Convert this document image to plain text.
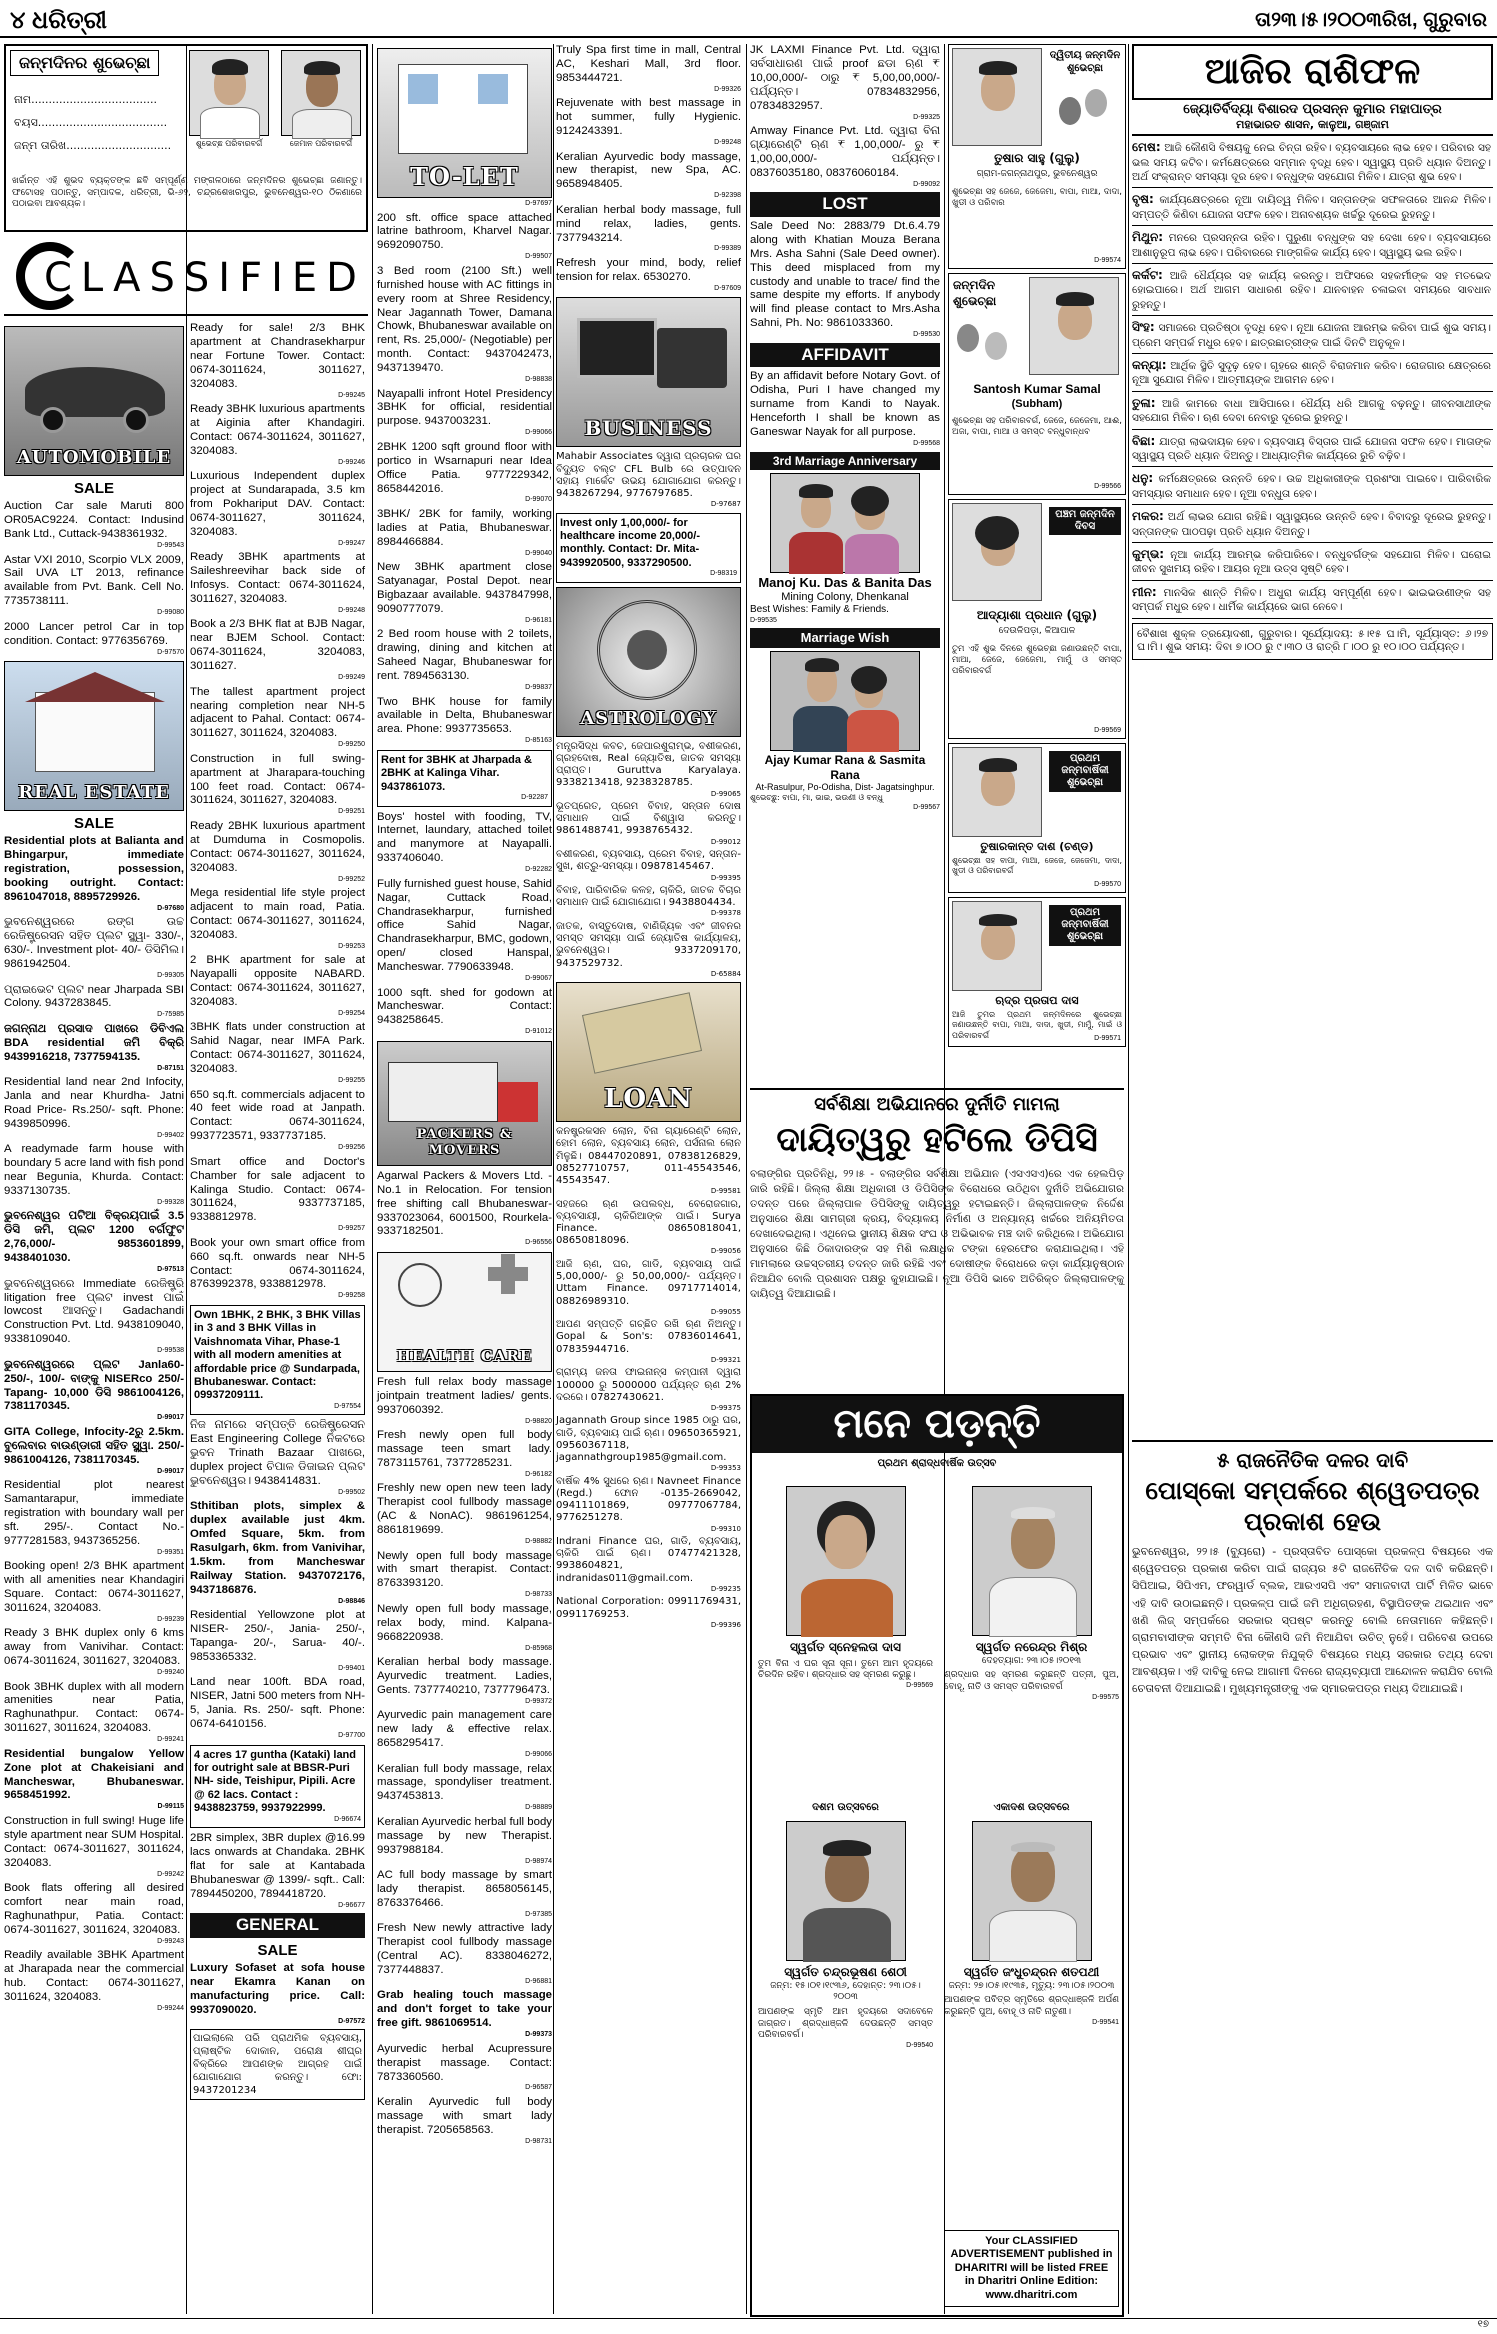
୪ ଧରିତ୍ରୀ	ତା୨୩।୫।୨୦୦୩ରିଖ, ଗୁରୁବାର
ଜନ୍ମଦିନର ଶୁଭେଚ୍ଛା
ନାମ....................................
ବୟସ.....................................
ଜନ୍ମ ତାରିଖ..............................	ଶୁଭେଚ୍ଛ ପରିବାରବର୍ଗ	ଜେମାନ ପରିବାରବର୍ଗ
ଖର୍ଚ୍ଚାନ୍ତ ଏହି ଶୁଭଦ ବ୍ୟକ୍ତଙ୍କ ଛବି ସମ୍ପୂର୍ଣ୍ଣ ମଙ୍ଗଳଠାରେ ଜନ୍ମଦିନର ଶୁଭେଚ୍ଛା ଜଣାନ୍ତୁ। ଫଟୋସହ ପଠାନ୍ତୁ, ସମ୍ପାଦକ, ଧରିତ୍ରୀ, ଭି-୬୨, ଚନ୍ଦ୍ରଶେଖରପୁର, ଭୁବନେଶ୍ୱର-୧୦ ଠିକଣାରେ ପଠାଇବା ଆବଶ୍ୟକ।
CLASSIFIED
AUTOMOBILE
SALE
Auction Car sale Maruti 800 OR05AC9224. Contact: Indusind Bank Ltd., Cuttack-9438361932.
D-99543
Astar VXI 2010, Scorpio VLX 2009, Sail UVA LT 2013, refinance available from Pvt. Bank. Cell No. 7735738111.
D-99080
2000 Lancer petrol Car in top condition. Contact: 9776356769.
D-97570
REAL ESTATE
SALE
Residential plots at Balianta and Bhingarpur, immediate registration, possession, booking outright. Contact: 8961047018, 8895729926.
D-97680
ଭୁବନେଶ୍ୱରରେ ରଙ୍ଗ ଉଚ୍ଚ ରେଜିଷ୍ଟ୍ରେସନ ସହିତ ପ୍ଲଟ ସ୍କ୍ୱା- 330/-, 630/-. Investment plot- 40/- ଡିସିମିଲ। 9861942504.
D-99305
ପ୍ରାଇଭେଟ ପ୍ଲଟ near Jharpada SBI Colony. 9437283845.
D-75985
ଜଗନ୍ନାଥ ପ୍ରସାଦ ପାଖରେ ଡିବିଏଲ BDA residential ଜମି ବିକ୍ରି 9439916218, 7377594135.
D-87151
Residential land near 2nd Infocity, Janla and near Khurdha- Jatni Road Price- Rs.250/- sqft. Phone: 9439850996.
D-99402
A readymade farm house with boundary 5 acre land with fish pond near Begunia, Khurda. Contact: 9337130735.
D-99328
ଭୁବନେଶ୍ୱର ପଟିଆ ବିକ୍ରୟପାଇଁ 3.5 ଡିସି ଜମି, ପ୍ଲଟ 1200 ବର୍ଗଫୁଟ 2,76,000/- 9853601899, 9438401030.
D-97513
ଭୁବନେଶ୍ୱରରେ Immediate ରେଜିଷ୍ଟ୍ରି litigation free ପ୍ଲଟ invest ପାଇଁ lowcost ଆସନ୍ତୁ। Gadachandi Construction Pvt. Ltd. 9438109040, 9338109040.
D-99538
ଭୁବନେଶ୍ୱରରେ ପ୍ଲଟ Janla60- 250/-, 100/- ବାଙ୍କୁ NISERco 250/- Tapang- 10,000 ଡିସି 9861004126, 7381170345.
D-99017
GITA College, Infocity-2ରୁ 2.5km. ବୁଲେବାର ବାଉଣ୍ଡାରୀ ସହିତ ସ୍କ୍ୱା. 250/- 9861004126, 7381170345.
D-99017
Residential plot nearest Samantarapur, immediate registration with boundary wall per sft. 295/-. Contact No.- 9777281583, 9437365256.
D-99351
Booking open! 2/3 BHK apartment with all amenities near Khandagiri Square. Contact: 0674-3011627, 3011624, 3204083.
D-99239
Ready 3 BHK duplex only 6 kms away from Vanivihar. Contact: 0674-3011624, 3011627, 3204083.
D-99240
Book 3BHK duplex with all modern amenities near Patia, Raghunathpur. Contact: 0674-3011627, 3011624, 3204083.
D-99241
Residential bungalow Yellow Zone plot at Chakeisiani and Mancheswar, Bhubaneswar. 9658451992.
D-99115
Construction in full swing! Huge life style apartment near SUM Hospital. Contact: 0674-3011627, 3011624, 3204083.
D-99242
Book flats offering all desired comfort near main road, Raghunathpur, Patia. Contact: 0674-3011627, 3011624, 3204083.
D-99243
Readily available 3BHK Apartment at Jharapada near the commercial hub. Contact: 0674-3011627, 3011624, 3204083.
D-99244
Ready for sale! 2/3 BHK apartment at Chandrasekharpur near Fortune Tower. Contact: 0674-3011624, 3011627, 3204083.
D-99245
Ready 3BHK luxurious apartments at Aiginia after Khandagiri. Contact: 0674-3011624, 3011627, 3204083.
D-99246
Luxurious Independent duplex project at Sundarapada, 3.5 km from Pokhariput DAV. Contact: 0674-3011627, 3011624, 3204083.
D-99247
Ready 3BHK apartments at Saileshreevihar back side of Infosys. Contact: 0674-3011624, 3011627, 3204083.
D-99248
Book a 2/3 BHK flat at BJB Nagar, near BJEM School. Contact: 0674-3011624, 3204083, 3011627.
D-99249
The tallest apartment project nearing completion near NH-5 adjacent to Pahal. Contact: 0674-3011627, 3011624, 3204083.
D-99250
Construction in full swing-apartment at Jharapara-touching 100 feet road. Contact: 0674-3011624, 3011627, 3204083.
D-99251
Ready 2BHK luxurious apartment at Dumduma in Cosmopolis. Contact: 0674-3011627, 3011624, 3204083.
D-99252
Mega residential life style project adjacent to main road, Patia. Contact: 0674-3011627, 3011624, 3204083.
D-99253
2 BHK apartment for sale at Nayapalli opposite NABARD. Contact: 0674-3011624, 3011627, 3204083.
D-99254
3BHK flats under construction at Sahid Nagar, near IMFA Park. Contact: 0674-3011627, 3011624, 3204083.
D-99255
650 sq.ft. commercials adjacent to 40 feet wide road at Janpath. Contact: 0674-3011624, 9937723571, 9337737185.
D-99256
Smart office and Doctor's Chamber for sale adjacent to Kalinga Studio. Contact: 0674-3011624, 9337737185, 9338812978.
D-99257
Book your own smart office from 660 sq.ft. onwards near NH-5 Contact: 0674-3011624, 8763992378, 9338812978.
D-99258
Own 1BHK, 2 BHK, 3 BHK Villas in 3 and 3 BHK Villas in Vaishnomata Vihar, Phase-1 with all modern amenities at affordable price @ Sundarpada, Bhubaneswar. Contact: 09937209111.
D-97554
ନିଜ ନାମରେ ସମ୍ପତ୍ତି ରେଜିଷ୍ଟ୍ରେସନ East Engineering College ନିକଟରେ ଭୁବନ Trinath Bazaar ପାଖରେ, duplex project ଚିପାଳ ଡିଜାଇନ ପ୍ଲଟ ଭୁବନେଶ୍ୱର। 9438414831.
D-99502
Sthitiban plots, simplex & duplex available just 4km. Omfed Square, 5km. from Rasulgarh, 6km. from Vanivihar, 1.5km. from Mancheswar Railway Station. 9437072176, 9437186876.
D-98846
Residential Yellowzone plot at NISER- 250/-, Jania- 250/-, Tapanga- 20/-, Sarua- 40/-. 9853365332.
D-99401
Land near 100ft. BDA road, NISER, Jatni 500 meters from NH-5, Jania. Rs. 250/- sqft. Phone: 0674-6410156.
D-97700
4 acres 17 guntha (Kataki) land for outright sale at BBSR-Puri NH- side, Teishipur, Pipili. Acre @ 62 lacs. Contact : 9438823759, 9937922999.
D-96674
2BR simplex, 3BR duplex @16.99 lacs onwards at Chandaka. 2BHK flat for sale at Kantabada Bhubaneswar @ 1399/- sqft.. Call: 7894450200, 7894418720.
D-96677
GENERAL
SALE
Luxury Sofaset at sofa house near Ekamra Kanan on manufacturing price. Call: 9937090020.
D-97572
ପାଇଲାଲେ ପରି ପ୍ରାଥମିକ ବ୍ୟବସାୟ, ପ୍ଲାଷ୍ଟିକ ଦୋକାନ, ପରୋକ୍ଷ ଶୀଘ୍ର ବିକ୍ରିରେ ଆପଣଙ୍କ ଆଗ୍ରହ ପାଇଁ ଯୋଗାଯୋଗ କରନ୍ତୁ। ଫୋ: 9437201234
TO-LET
D-97697
200 sft. office space attached latrine bathroom, Kharvel Nagar. 9692090750.
D-99507
3 Bed room (2100 Sft.) well furnished house with AC fittings in every room at Shree Residency, Near Jagannath Tower, Damana Chowk, Bhubaneswar available on rent, Rs. 25,000/- (Negotiable) per month. Contact: 9437042473, 9437139470.
D-98838
Nayapalli infront Hotel Presidency 3BHK for official, residential purpose. 9437003231.
D-99066
2BHK 1200 sqft ground floor with portico in Wsarnapuri near Idea Office Patia. 9777229342, 8658442016.
D-99070
3BHK/ 2BK for family, working ladies at Patia, Bhubaneswar. 8984466884.
D-99040
New 3BHK apartment close Satyanagar, Postal Depot. near Bigbazaar available. 9437847998, 9090777079.
D-96181
2 Bed room house with 2 toilets, drawing, dining and kitchen at Saheed Nagar, Bhubaneswar for rent. 7894563130.
D-99837
Two BHK house for family available in Delta, Bhubaneswar area. Phone: 9937735653.
D-85163
Rent for 3BHK at Jharpada & 2BHK at Kalinga Vihar. 9437861073.
D-92287
Boys' hostel with fooding, TV, Internet, laundary, attached toilet and manymore at Nayapalli. 9337406040.
D-92282
Fully furnished guest house, Sahid Nagar, Cuttack Road, Chandrasekharpur, furnished office Sahid Nagar, Chandrasekharpur, BMC, godown, open/ closed Hanspal, Mancheswar. 7790633948.
D-99067
1000 sqft. shed for godown at Mancheswar. Contact: 9438258645.
D-91012
PACKERS & MOVERS
Agarwal Packers & Movers Ltd. - No.1 in Relocation. For tension free shifting call Bhubaneswar- 9337023064, 6001500, Rourkela- 9337182501.
D-96556
HEALTH CARE
Fresh full relax body massage jointpain treatment ladies/ gents. 9937060392.
D-98820
Fresh newly open full body massage teen smart lady. 7873115761, 7377285231.
D-96182
Freshly new open new teen lady Therapist cool fullbody massage (AC & NonAC). 9861961254, 8861819699.
D-98882
Newly open full body massage with smart therapist. Contact: 8763393120.
D-98733
Newly open full body massage, relax body, mind. Kalpana- 9668220938.
D-85968
Keralian herbal body massage. Ayurvedic treatment. Ladies, Gents. 7377740210, 7377796473.
D-99372
Ayurvedic pain management care new lady & effective relax. 8658295417.
D-99066
Keralian full body massage, relax massage, spondyliser treatment. 9437453813.
D-98889
Keralian Ayurvedic herbal full body massage by new Therapist. 9937988184.
D-98974
AC full body massage by smart lady therapist. 8658056145, 8763376466.
D-97385
Fresh New newly attractive lady Therapist cool fullbody massage (Central AC). 8338046272, 7377448837.
D-96881
Grab healing touch massage and don't forget to take your free gift. 9861069514.
D-99373
Ayurvedic herbal Acupressure therapist massage. Contact: 7873360560.
D-96587
Keralin Ayurvedic full body massage with smart lady therapist. 7205658563.
D-98731
Truly Spa first time in mall, Central AC, Keshari Mall, 3rd floor. 9853444721.
D-99326
Rejuvenate with best massage in hot summer, fully Hygienic. 9124243391.
D-99248
Keralian Ayurvedic body massage, new therapist, new Spa, AC. 9658948405.
D-92398
Keralian herbal body massage, full mind relax, ladies, gents. 7377943214.
D-99389
Refresh your mind, body, relief tension for relax. 6530270.
D-97609
BUSINESS
Mahabir Associates ଦ୍ୱାରା ପ୍ରଚାରକ ଘର ବିଦ୍ୟୁତ ବଲ୍ଟ CFL Bulb ରେ ଉତ୍ପାଦନ ସହାୟ ମାର୍କେଟ ଉଭୟ ଯୋଗାଯୋଗ କରନ୍ତୁ। 9438267294, 9776797685.
D-97687
Invest only 1,00,000/- for healthcare income 20,000/- monthly. Contact: Dr. Mita- 9439920500, 9337290500.
D-98319
ASTROLOGY
ମନ୍ତ୍ରସିଦ୍ଧ କବଚ, ଜେପାରଶୁରାମ୍ଭ, ବଶୀକରଣ, ଗ୍ରହଦୋଷ, Real ଜ୍ୟୋତିଷ, ଜାତକ ସମସ୍ୟା ପ୍ରାପ୍ତ। Guruttva Karyalaya. 9338213418, 9238328785.
D-99065
ଭୂତପ୍ରେତ, ପ୍ରେମ ବିବାହ, ସନ୍ତାନ ଦୋଷ ସମାଧାନ ପାଇଁ ବିଶ୍ୱାସ କରନ୍ତୁ। 9861488741, 9938765432.
D-99012
ବଶୀକରଣ, ବ୍ୟବସାୟ, ପ୍ରେମ ବିବାହ, ସନ୍ତାନ-ସୁଖ, ଶତ୍ରୁ-ସମସ୍ୟା। 09878145467.
D-99395
ବିବାହ, ପାରିବାରିକ କଳହ, ଚାକିରି, ଜାତକ ବିଚାର ସମାଧାନ ପାଇଁ ଯୋଗାଯୋଗ। 9438804434.
D-99378
ଜାତକ, ବାସ୍ତୁଦୋଷ, ବାଣିଜ୍ୟିକ ଏବଂ ଜୀବନର ସମସ୍ତ ସମସ୍ୟା ପାଇଁ ଜ୍ୟୋତିଷ କାର୍ଯ୍ୟାଳୟ, ଭୁବନେଶ୍ୱର। 9337209170, 9437529732.
D-65884
LOAN
କନଷ୍ଟ୍ରକସନ ଲୋନ, ବିନା ଗ୍ୟାରେଣ୍ଟି ଲୋନ, ହୋମ ଲୋନ, ବ୍ୟବସାୟ ଲୋନ, ପର୍ସନାଲ ଲୋନ ମିଳୁଛି। 08447020891, 07838126829, 08527710757, 011-45543546, 45543547.
D-99581
ସହଜରେ ଋଣ ଉପଲବ୍ଧ, ବେରୋଜଗାର, ବ୍ୟବସାୟୀ, ଚାକିରିଆଙ୍କ ପାଇଁ। Surya Finance. 08650818041, 08650818096.
D-99056
ଆଜି ଋଣ, ଘର, ଗାଡି, ବ୍ୟବସାୟ ପାଇଁ 5,00,000/- ରୁ 50,00,000/- ପର୍ଯ୍ୟନ୍ତ। Uttam Finance. 09717714014, 08826989310.
D-99055
ଆପଣ ସମ୍ପତ୍ତି ଗଚ୍ଛିତ ରଖି ଋଣ ନିଅନ୍ତୁ। Gopal & Son's: 07836014641, 07835944716.
D-99321
ଗ୍ରାମ୍ୟ ଜନତା ଫାଇନାନ୍ସ କମ୍ପାନୀ ଦ୍ୱାରା 100000 ରୁ 5000000 ପର୍ଯ୍ୟନ୍ତ ଋଣ 2% ଦରରେ। 07827430621.
D-99375
Jagannath Group since 1985 ଠାରୁ ଘର, ଗାଡି, ବ୍ୟବସାୟ ପାଇଁ ଋଣ। 09650365921, 09560367118, jagannathgroup1985@gmail.com.
D-99353
ବାର୍ଷିକ 4% ସୁଧରେ ଋଣ। Navneet Finance (Regd.) ଫୋନ -0135-2669042, 09411101869, 09777067784, 9776251278.
D-99310
Indrani Finance ଘର, ଗାଡି, ବ୍ୟବସାୟ, ଚାକିରି ପାଇଁ ଋଣ। 07477421328, 9938604821, indranidas011@gmail.com.
D-99235
National Corporation: 09911769431, 09911769253.
D-99396
JK LAXMI Finance Pvt. Ltd. ଦ୍ୱାରା ସର୍ବସାଧାରଣ ପାଇଁ proof ଛଡା ଋଣ ₹ 10,00,000/- ଠାରୁ ₹ 5,00,00,000/- ପର୍ଯ୍ୟନ୍ତ। 07834832956, 07834832957.
D-99325
Amway Finance Pvt. Ltd. ଦ୍ୱାରା ବିନା ଗ୍ୟାରେଣ୍ଟି ଋଣ ₹ 1,00,000/- ରୁ ₹ 1,00,00,000/- ପର୍ଯ୍ୟନ୍ତ। 08376035180, 08376060184.
D-99092
LOST
Sale Deed No: 2883/79 Dt.6.4.79 along with Khatian Mouza Berana Mrs. Asha Sahni (Sale Deed owner). This deed misplaced from my custody and unable to trace/ find the same despite my efforts. If anybody will find please contact to Mrs.Asha Sahni, Ph. No: 9861033360.
D-99530
AFFIDAVIT
By an affidavit before Notary Govt. of Odisha, Puri I have changed my surname from Kandi to Nayak. Henceforth I shall be known as Ganeswar Nayak for all purpose.
D-99568
3rd Marriage Anniversary
Manoj Ku. Das & Banita Das
Mining Colony, Dhenkanal
Best Wishes: Family & Friends.
D-99535
Marriage Wish
Ajay Kumar Rana & Sasmita Rana
At-Rasulpur, Po-Odisha, Dist- Jagatsinghpur.
ଶୁଭେଚ୍ଛୁ: ବାପା, ମା, ଭାଇ, ଭଉଣୀ ଓ ବନ୍ଧୁ
D-99567
ଦ୍ୱିତୀୟ ଜନ୍ମଦିନ ଶୁଭେଚ୍ଛା
ତୁଷାର ସାହୁ (ଗୁଲୁ)
ଗ୍ରାମ-ଜଗନ୍ନାଥପୁର, ଭୁବନେଶ୍ୱର
ଶୁଭେଚ୍ଛା ସହ ଜେଜେ, ଜେଜେମା, ବାପା, ମାଆ, ଦାଦା, ଖୁଡୀ ଓ ପରିବାର
D-99574
ଜନ୍ମଦିନ ଶୁଭେଚ୍ଛା
Santosh Kumar Samal
(Subham)
ଶୁଭେଚ୍ଛା ସହ ପରିବାରବର୍ଗ, ଜେଜେ, ଜେଜେମା, ଆଈ, ଅଜା, ବାପା, ମାଆ ଓ ସମସ୍ତ ବନ୍ଧୁବାନ୍ଧବ
D-99566
ପଞ୍ଚମ ଜନ୍ମଦିନ ଦିବସ
ଆଦ୍ୟାଶା ପ୍ରଧାନ (ଗୁଲୁ)
ଦେଉଳିପଡ଼ା, କିଆପାଳ
ତୁମ ଏହି ଶୁଭ ଦିନରେ ଶୁଭେଚ୍ଛା ଜଣାଉଛନ୍ତି ବାପା, ମାଆ, ଜେଜେ, ଜେଜେମା, ମାମୁଁ ଓ ସମସ୍ତ ପରିବାରବର୍ଗ
D-99569
ପ୍ରଥମ ଜନ୍ମବାର୍ଷିକୀ ଶୁଭେଚ୍ଛା
ତୁଷାରକାନ୍ତ ଦାଶ (ଚଣ୍ଡ)
ଶୁଭେଚ୍ଛା ସହ ବାପା, ମାଆ, ଜେଜେ, ଜେଜେମା, ଦାଦା, ଖୁଡୀ ଓ ପରିବାରବର୍ଗ
D-99570
ପ୍ରଥମ ଜନ୍ମବାର୍ଷିକୀ ଶୁଭେଚ୍ଛା
ଋଦ୍ର ପ୍ରତାପ ଦାସ
ଆଜି ତୁମର ପ୍ରଥମ ଜନ୍ମଦିନରେ ଶୁଭେଚ୍ଛା ଜଣାଉଛନ୍ତି ବାପା, ମାଆ, ଦାଦା, ଖୁଡୀ, ମାମୁଁ, ମାଇଁ ଓ ପରିବାରବର୍ଗ	D-99571
ସର୍ବଶିକ୍ଷା ଅଭିଯାନରେ ଦୁର୍ନୀତି ମାମଲା
ଦାୟିତ୍ୱରୁ ହଟିଲେ ଡିପିସି
ବଲାଙ୍ଗିର ପ୍ରତିନିଧି, ୨୨।୫ - ବଲାଙ୍ଗିର ସର୍ବଶିକ୍ଷା ଅଭିଯାନ (ଏସଏସଏ)ରେ ଏକ ହେଲପିଡ଼ ଜାରି ରହିଛି। ଜିଲ୍ଲା ଶିକ୍ଷା ଅଧିକାରୀ ଓ ଡିପିସିଙ୍କ ବିରୋଧରେ ଉଠିଥିବା ଦୁର୍ନୀତି ଅଭିଯୋଗର ତଦନ୍ତ ପରେ ଜିଲ୍ଲାପାଳ ଡିପିସିଙ୍କୁ ଦାୟିତ୍ୱରୁ ହଟାଇଛନ୍ତି। ଜିଲ୍ଲାପାଳଙ୍କ ନିର୍ଦ୍ଦେଶ ଅନୁସାରେ ଶିକ୍ଷା ସାମଗ୍ରୀ କ୍ରୟ, ବିଦ୍ୟାଳୟ ନିର୍ମାଣ ଓ ଅନ୍ୟାନ୍ୟ ଖର୍ଚ୍ଚରେ ଅନିୟମିତତା ଦେଖାଦେଇଥିଲା। ଏଥିନେଇ ସ୍ଥାନୀୟ ଶିକ୍ଷକ ସଂଘ ଓ ଅଭିଭାବକ ମଞ୍ଚ ଦାବି କରିଥିଲେ। ଅଭିଯୋଗ ଅନୁସାରେ କିଛି ଠିକାଦାରଙ୍କ ସହ ମିଶି ଲକ୍ଷାଧିକ ଟଙ୍କା ହେରଫେର କରାଯାଇଥିଲା। ଏହି ମାମଲାରେ ଉଚ୍ଚସ୍ତରୀୟ ତଦନ୍ତ ଜାରି ରହିଛି ଏବଂ ଦୋଷୀଙ୍କ ବିରୋଧରେ କଡ଼ା କାର୍ଯ୍ୟାନୁଷ୍ଠାନ ନିଆଯିବ ବୋଲି ପ୍ରଶାସନ ପକ୍ଷରୁ କୁହାଯାଇଛି। ନୂଆ ଡିପିସି ଭାବେ ଅତିରିକ୍ତ ଜିଲ୍ଲାପାଳଙ୍କୁ ଦାୟିତ୍ୱ ଦିଆଯାଇଛି।
ମନେ ପଡ଼ନ୍ତି
ପ୍ରଥମ ଶ୍ରାଦ୍ଧବାର୍ଷିକ ଉତ୍ସବ
ସ୍ୱର୍ଗତ ସ୍ନେହଲତା ଦାସ
ତୁମ ବିନା ଏ ଘର ସୂନା ସୂନା। ତୁମେ ଆମ ହୃଦୟରେ ଚିରଦିନ ରହିବ। ଶ୍ରଦ୍ଧାର ସହ ସ୍ମରଣ କରୁଛୁ।
D-99569
ସ୍ୱର୍ଗତ ନରେନ୍ଦ୍ର ମିଶ୍ର
ଦେହତ୍ୟାଗ: ୨୩।୦୫।୨୦୧୩
ଶ୍ରଦ୍ଧାର ସହ ସ୍ମରଣ କରୁଛନ୍ତି ପତ୍ନୀ, ପୁଅ, ବୋହୂ, ନାତି ଓ ସମସ୍ତ ପରିବାରବର୍ଗ
D-99575
ଦଶମ ଉତ୍ସବରେ	ଏକାଦଶ ଉତ୍ସବରେ
ସ୍ୱର୍ଗତ ଚନ୍ଦ୍ରଭୂଷଣ ଶେଠୀ
ଜନ୍ମ: ୧୫।୦୧।୧୯୩୬, ଦେହାନ୍ତ: ୨୩।୦୫।୨୦୦୩
ଆପଣଙ୍କ ସ୍ମୃତି ଆମ ହୃଦୟରେ ସଦାବେଳେ ଜାଗ୍ରତ। ଶ୍ରଦ୍ଧାଞ୍ଜଳି ଦେଉଛନ୍ତି ସମସ୍ତ ପରିବାରବର୍ଗ।
D-99540
ସ୍ୱର୍ଗତ ଜଂଧୁଚନ୍ଦ୍ରନ ଶତପଥୀ
ଜନ୍ମ: ୨୭।୦୫।୧୯୩୫, ମୃତ୍ୟୁ: ୨୩।୦୫।୨୦୦୩
ଆପଣଙ୍କ ପବିତ୍ର ସ୍ମୃତିରେ ଶ୍ରଦ୍ଧାଞ୍ଜଳି ଅର୍ପଣ କରୁଛନ୍ତି ପୁଅ, ବୋହୂ ଓ ନାତି ନାତୁଣୀ।
D-99541
Your CLASSIFIED ADVERTISEMENT published in DHARITRI will be listed FREE in Dharitri Online Edition: www.dharitri.com
ଆଜିର ରାଶିଫଳ
ଜ୍ୟୋତିର୍ବିଦ୍ୟା ବିଶାରଦ ପ୍ରସନ୍ନ କୁମାର ମହାପାତ୍ର
ମହାଭାରତ ଶାସନ, କାଳୁଆ, ଗଞ୍ଜାମ
ମେଷ: ଆଜି କୌଣସି ବିଷୟକୁ ନେଇ ଚିନ୍ତା ରହିବ। ବ୍ୟବସାୟରେ ଲାଭ ହେବ। ପରିବାର ସହ ଭଲ ସମୟ କଟିବ। କର୍ମକ୍ଷେତ୍ରରେ ସମ୍ମାନ ବୃଦ୍ଧି ହେବ। ସ୍ୱାସ୍ଥ୍ୟ ପ୍ରତି ଧ୍ୟାନ ଦିଅନ୍ତୁ। ଅର୍ଥ ସଂକ୍ରାନ୍ତ ସମସ୍ୟା ଦୂର ହେବ। ବନ୍ଧୁଙ୍କ ସହଯୋଗ ମିଳିବ। ଯାତ୍ରା ଶୁଭ ହେବ।
ବୃଷ: କାର୍ଯ୍ୟକ୍ଷେତ୍ରରେ ନୂଆ ଦାୟିତ୍ୱ ମିଳିବ। ସନ୍ତାନଙ୍କ ସଫଳତାରେ ଆନନ୍ଦ ମିଳିବ। ସମ୍ପତ୍ତି କିଣିବା ଯୋଜନା ସଫଳ ହେବ। ଅନାବଶ୍ୟକ ଖର୍ଚ୍ଚରୁ ଦୂରେଇ ରୁହନ୍ତୁ।
ମିଥୁନ: ମନରେ ପ୍ରସନ୍ନତା ରହିବ। ପୁରୁଣା ବନ୍ଧୁଙ୍କ ସହ ଦେଖା ହେବ। ବ୍ୟବସାୟରେ ଆଶାନୁରୂପ ଲାଭ ହେବ। ପରିବାରରେ ମାଙ୍ଗଳିକ କାର୍ଯ୍ୟ ହେବ। ସ୍ୱାସ୍ଥ୍ୟ ଭଲ ରହିବ।
କର୍କଟ: ଆଜି ଧୈର୍ଯ୍ୟର ସହ କାର୍ଯ୍ୟ କରନ୍ତୁ। ଅଫିସରେ ସହକର୍ମୀଙ୍କ ସହ ମତଭେଦ ହୋଇପାରେ। ଅର୍ଥ ଆଗମ ସାଧାରଣ ରହିବ। ଯାନବାହନ ଚଳାଇବା ସମୟରେ ସାବଧାନ ରୁହନ୍ତୁ।
ସିଂହ: ସମାଜରେ ପ୍ରତିଷ୍ଠା ବୃଦ୍ଧି ହେବ। ନୂଆ ଯୋଜନା ଆରମ୍ଭ କରିବା ପାଇଁ ଶୁଭ ସମୟ। ପ୍ରେମ ସମ୍ପର୍କ ମଧୁର ହେବ। ଛାତ୍ରଛାତ୍ରୀଙ୍କ ପାଇଁ ଦିନଟି ଅନୁକୂଳ।
କନ୍ୟା: ଆର୍ଥିକ ସ୍ଥିତି ସୁଦୃଢ଼ ହେବ। ଗୃହରେ ଶାନ୍ତି ବିରାଜମାନ କରିବ। ରୋଜଗାର କ୍ଷେତ୍ରରେ ନୂଆ ସୁଯୋଗ ମିଳିବ। ଆତ୍ମୀୟଙ୍କ ଆଗମନ ହେବ।
ତୁଳା: ଆଜି କାମରେ ବାଧା ଆସିପାରେ। ଧୈର୍ଯ୍ୟ ଧରି ଆଗକୁ ବଢ଼ନ୍ତୁ। ଜୀବନସାଥୀଙ୍କ ସହଯୋଗ ମିଳିବ। ଋଣ ଦେବା ନେବାରୁ ଦୂରେଇ ରୁହନ୍ତୁ।
ବିଛା: ଯାତ୍ରା ଲାଭଦାୟକ ହେବ। ବ୍ୟବସାୟ ବିସ୍ତାର ପାଇଁ ଯୋଜନା ସଫଳ ହେବ। ମାତାଙ୍କ ସ୍ୱାସ୍ଥ୍ୟ ପ୍ରତି ଧ୍ୟାନ ଦିଅନ୍ତୁ। ଆଧ୍ୟାତ୍ମିକ କାର୍ଯ୍ୟରେ ରୁଚି ବଢ଼ିବ।
ଧନୁ: କର୍ମକ୍ଷେତ୍ରରେ ଉନ୍ନତି ହେବ। ଉଚ୍ଚ ଅଧିକାରୀଙ୍କ ପ୍ରଶଂସା ପାଇବେ। ପାରିବାରିକ ସମସ୍ୟାର ସମାଧାନ ହେବ। ନୂଆ ବନ୍ଧୁତା ହେବ।
ମକର: ଅର୍ଥ ଲାଭର ଯୋଗ ରହିଛି। ସ୍ୱାସ୍ଥ୍ୟରେ ଉନ୍ନତି ହେବ। ବିବାଦରୁ ଦୂରେଇ ରୁହନ୍ତୁ। ସନ୍ତାନଙ୍କ ପାଠପଢ଼ା ପ୍ରତି ଧ୍ୟାନ ଦିଅନ୍ତୁ।
କୁମ୍ଭ: ନୂଆ କାର୍ଯ୍ୟ ଆରମ୍ଭ କରିପାରିବେ। ବନ୍ଧୁବର୍ଗଙ୍କ ସହଯୋଗ ମିଳିବ। ଘରୋଇ ଜୀବନ ସୁଖମୟ ରହିବ। ଆୟର ନୂଆ ଉତ୍ସ ସୃଷ୍ଟି ହେବ।
ମୀନ: ମାନସିକ ଶାନ୍ତି ମିଳିବ। ଅଧୁରା କାର୍ଯ୍ୟ ସମ୍ପୂର୍ଣ୍ଣ ହେବ। ଭାଇଭଉଣୀଙ୍କ ସହ ସମ୍ପର୍କ ମଧୁର ହେବ। ଧାର୍ମିକ କାର୍ଯ୍ୟରେ ଭାଗ ନେବେ।
ବୈଶାଖ ଶୁକ୍ଳ ତ୍ରୟୋଦଶୀ, ଗୁରୁବାର। ସୂର୍ଯ୍ୟୋଦୟ: ୫।୧୫ ଘ।ମି, ସୂର୍ଯ୍ୟାସ୍ତ: ୬।୨୭ ଘ।ମି। ଶୁଭ ସମୟ: ଦିବା ୭।୦୦ ରୁ ୯।୩୦ ଓ ରାତ୍ରି ୮।୦୦ ରୁ ୧୦।୦୦ ପର୍ଯ୍ୟନ୍ତ।
୫ ରାଜନୈତିକ ଦଳର ଦାବି
ପୋସ୍କୋ ସମ୍ପର୍କରେ ଶ୍ୱେତପତ୍ର ପ୍ରକାଶ ହେଉ
ଭୁବନେଶ୍ୱର, ୨୨।୫ (ବ୍ୟୁରୋ) - ପ୍ରସ୍ତାବିତ ପୋସ୍କୋ ପ୍ରକଳ୍ପ ବିଷୟରେ ଏକ ଶ୍ୱେତପତ୍ର ପ୍ରକାଶ କରିବା ପାଇଁ ରାଜ୍ୟର ୫ଟି ରାଜନୈତିକ ଦଳ ଦାବି କରିଛନ୍ତି। ସିପିଆଇ, ସିପିଏମ, ଫରୱାର୍ଡ ବ୍ଲକ, ଆରଏସପି ଏବଂ ସମାଜବାଦୀ ପାର୍ଟି ମିଳିତ ଭାବେ ଏହି ଦାବି ଉଠାଇଛନ୍ତି। ପ୍ରକଳ୍ପ ପାଇଁ ଜମି ଅଧିଗ୍ରହଣ, ବିସ୍ଥାପିତଙ୍କ ଥଇଥାନ ଏବଂ ଖଣି ଲିଜ୍ ସମ୍ପର୍କରେ ସରକାର ସ୍ପଷ୍ଟ କରନ୍ତୁ ବୋଲି ନେତାମାନେ କହିଛନ୍ତି। ଗ୍ରାମବାସୀଙ୍କ ସମ୍ମତି ବିନା କୌଣସି ଜମି ନିଆଯିବା ଉଚିତ୍ ନୁହେଁ। ପରିବେଶ ଉପରେ ପ୍ରଭାବ ଏବଂ ସ୍ଥାନୀୟ ଲୋକଙ୍କ ନିଯୁକ୍ତି ବିଷୟରେ ମଧ୍ୟ ସରକାର ତଥ୍ୟ ଦେବା ଆବଶ୍ୟକ। ଏହି ଦାବିକୁ ନେଇ ଆଗାମୀ ଦିନରେ ରାଜ୍ୟବ୍ୟାପୀ ଆନ୍ଦୋଳନ କରାଯିବ ବୋଲି ଚେତାବନୀ ଦିଆଯାଇଛି। ମୁଖ୍ୟମନ୍ତ୍ରୀଙ୍କୁ ଏକ ସ୍ମାରକପତ୍ର ମଧ୍ୟ ଦିଆଯାଇଛି।
୧୭
